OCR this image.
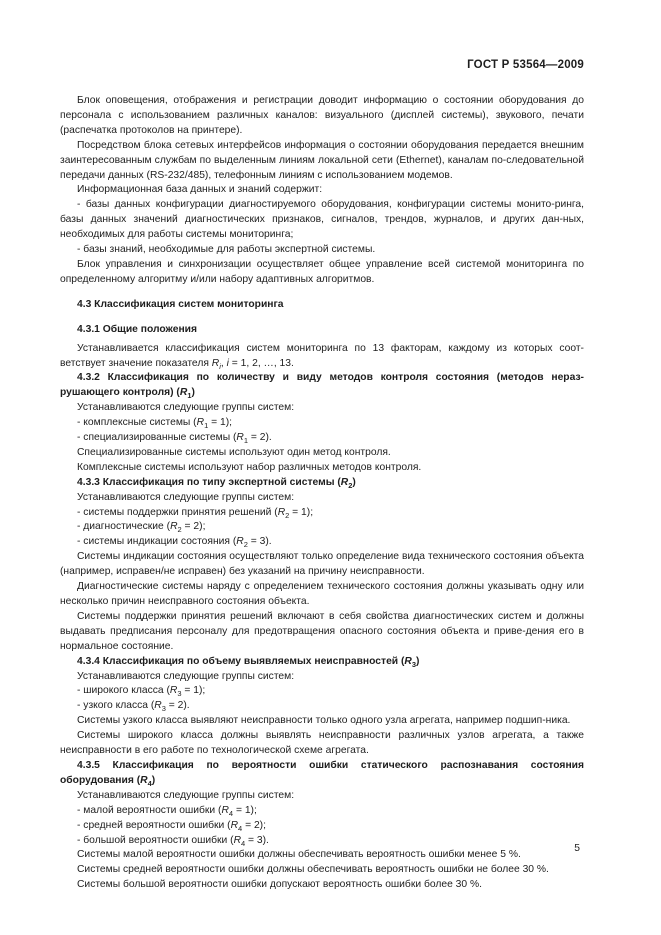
ГОСТ Р 53564—2009

Блок оповещения, отображения и регистрации доводит информацию о состоянии оборудования до персонала с использованием различных каналов: визуального (дисплей системы), звукового, печати (распечатка протоколов на принтере).

Посредством блока сетевых интерфейсов информация о состоянии оборудования передается внешним заинтересованным службам по выделенным линиям локальной сети (Ethernet), каналам по-следовательной передачи данных (RS-232/485), телефонным линиям с использованием модемов.

Информационная база данных и знаний содержит:

- базы данных конфигурации диагностируемого оборудования, конфигурации системы монито-ринга, базы данных значений диагностических признаков, сигналов, трендов, журналов, и других дан-ных, необходимых для работы системы мониторинга;

- базы знаний, необходимые для работы экспертной системы.

Блок управления и синхронизации осуществляет общее управление всей системой мониторинга по определенному алгоритму и/или набору адаптивных алгоритмов.

4.3 Классификация систем мониторинга

4.3.1 Общие положения

Устанавливается классификация систем мониторинга по 13 факторам, каждому из которых соот-ветствует значение показателя $R_i$, i = 1, 2, …, 13.

4.3.2 Классификация по количеству и виду методов контроля состояния (методов нераз-рушающего контроля) $(R_1)$

Устанавливаются следующие группы систем:

- комплексные системы $(R_1 = 1)$;

- специализированные системы $(R_1 = 2)$.

Специализированные системы используют один метод контроля.

Комплексные системы используют набор различных методов контроля.

4.3.3 Классификация по типу экспертной системы $(R_2)$

Устанавливаются следующие группы систем:

- системы поддержки принятия решений $(R_2 = 1)$;

- диагностические $(R_2 = 2)$;

- системы индикации состояния $(R_2 = 3)$.

Системы индикации состояния осуществляют только определение вида технического состояния объекта (например, исправен/не исправен) без указаний на причину неисправности.

Диагностические системы наряду с определением технического состояния должны указывать одну или несколько причин неисправного состояния объекта.

Системы поддержки принятия решений включают в себя свойства диагностических систем и должны выдавать предписания персоналу для предотвращения опасного состояния объекта и приве-дения его в нормальное состояние.

4.3.4 Классификация по объему выявляемых неисправностей $(R_3)$

Устанавливаются следующие группы систем:

- широкого класса $(R_3 = 1)$;

- узкого класса $(R_3 = 2)$.

Системы узкого класса выявляют неисправности только одного узла агрегата, например подшип-ника.

Системы широкого класса должны выявлять неисправности различных узлов агрегата, а также неисправности в его работе по технологической схеме агрегата.

4.3.5 Классификация по вероятности ошибки статического распознавания состояния

оборудования $(R_4)$

Устанавливаются следующие группы систем:

- малой вероятности ошибки $(R_4 = 1)$;

- средней вероятности ошибки $(R_4 = 2)$;

- большой вероятности ошибки $(R_4 = 3)$.

Системы малой вероятности ошибки должны обеспечивать вероятность ошибки менее 5 %.

Системы средней вероятности ошибки должны обеспечивать вероятность ошибки не более 30 %.

Системы большой вероятности ошибки допускают вероятность ошибки более 30 %.

5
